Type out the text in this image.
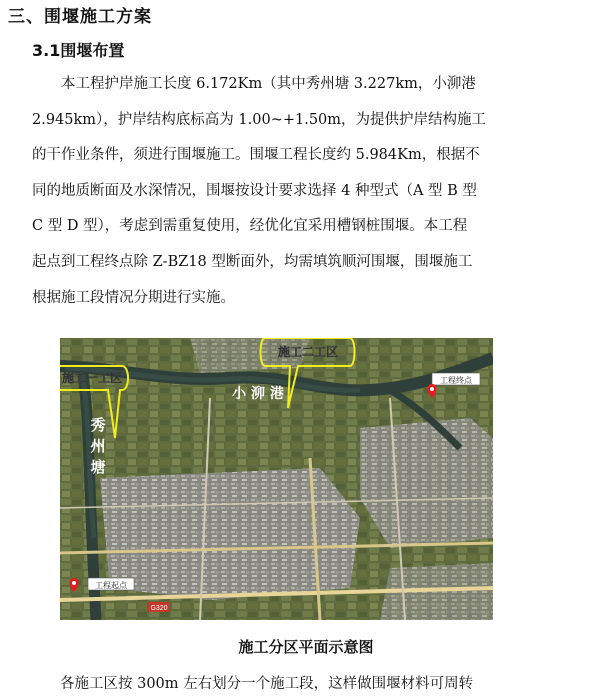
三、围堰施工方案
3.1围堰布置
本工程护岸施工长度 6.172Km（其中秀州塘 3.227km，小泖港
2.945km），护岸结构底标高为 1.00~+1.50m，为提供护岸结构施工
的干作业条件，须进行围堰施工。围堰工程长度约 5.984Km，根据不
同的地质断面及水深情况，围堰按设计要求选择 4 种型式（A 型 B 型
C 型 D 型），考虑到需重复使用，经优化宜采用槽钢桩围堰。本工程
起点到工程终点除 Z-BZ18 型断面外，均需填筑顺河围堰，围堰施工
根据施工段情况分期进行实施。
G320
施工二工区
施工一工区
小 泖 港
秀
州
塘
工程终点
工程起点
施工分区平面示意图
各施工区按 300m 左右划分一个施工段，这样做围堰材料可周转
